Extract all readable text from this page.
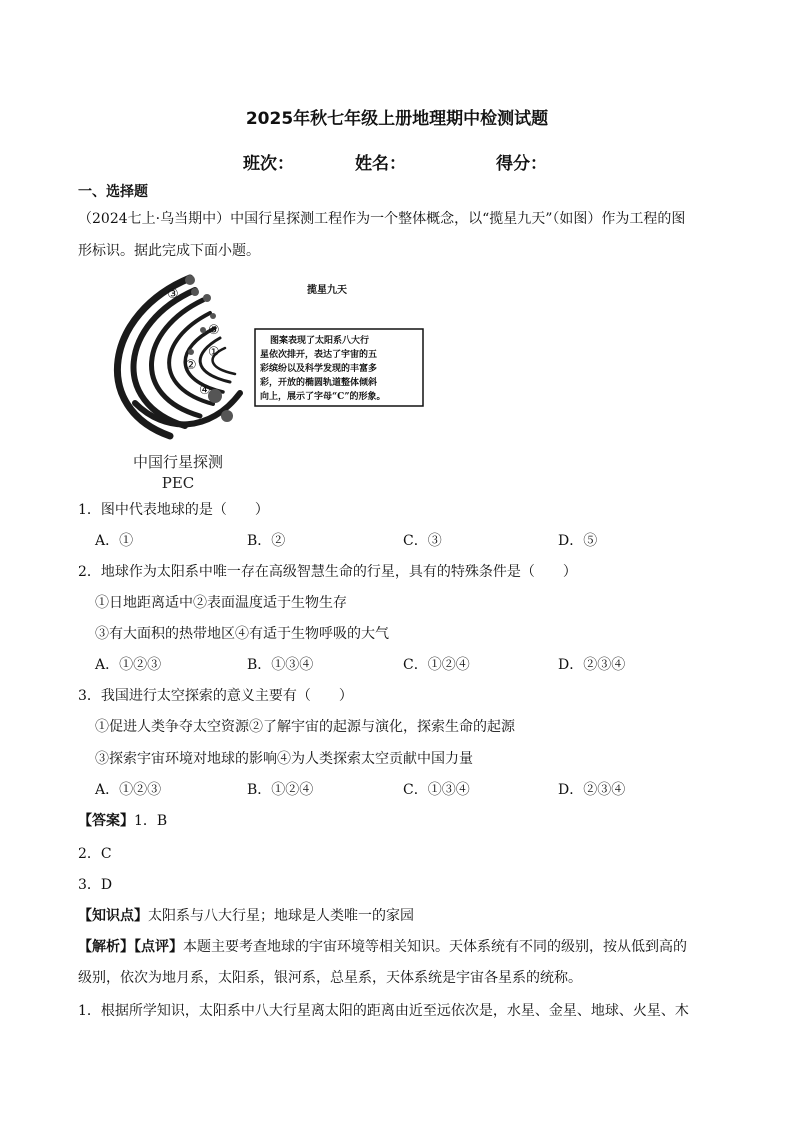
2025年秋七年级上册地理期中检测试题
班次：	姓名：	得分：
一、选择题
（2024七上·乌当期中）中国行星探测工程作为一个整体概念，以“揽星九天”（如图）作为工程的图
形标识。据此完成下面小题。
③
⑤
①
②
④
揽星九天
图案表现了太阳系八大行
星依次排开，表达了宇宙的五
彩缤纷以及科学发现的丰富多
彩，开放的椭圆轨道整体倾斜
向上，展示了字母“C”的形象。
中国行星探测
PEC
1．图中代表地球的是（　　）
A．①	B．②	C．③	D．⑤
2．地球作为太阳系中唯一存在高级智慧生命的行星，具有的特殊条件是（　　）
①日地距离适中②表面温度适于生物生存
③有大面积的热带地区④有适于生物呼吸的大气
A．①②③	B．①③④	C．①②④	D．②③④
3．我国进行太空探索的意义主要有（　　）
①促进人类争夺太空资源②了解宇宙的起源与演化，探索生命的起源
③探索宇宙环境对地球的影响④为人类探索太空贡献中国力量
A．①②③	B．①②④	C．①③④	D．②③④
【答案】1．B
2．C
3．D
【知识点】太阳系与八大行星；地球是人类唯一的家园
【解析】【点评】本题主要考查地球的宇宙环境等相关知识。天体系统有不同的级别，按从低到高的
级别，依次为地月系，太阳系，银河系，总星系，天体系统是宇宙各星系的统称。
1．根据所学知识，太阳系中八大行星离太阳的距离由近至远依次是，水星、金星、地球、火星、木
